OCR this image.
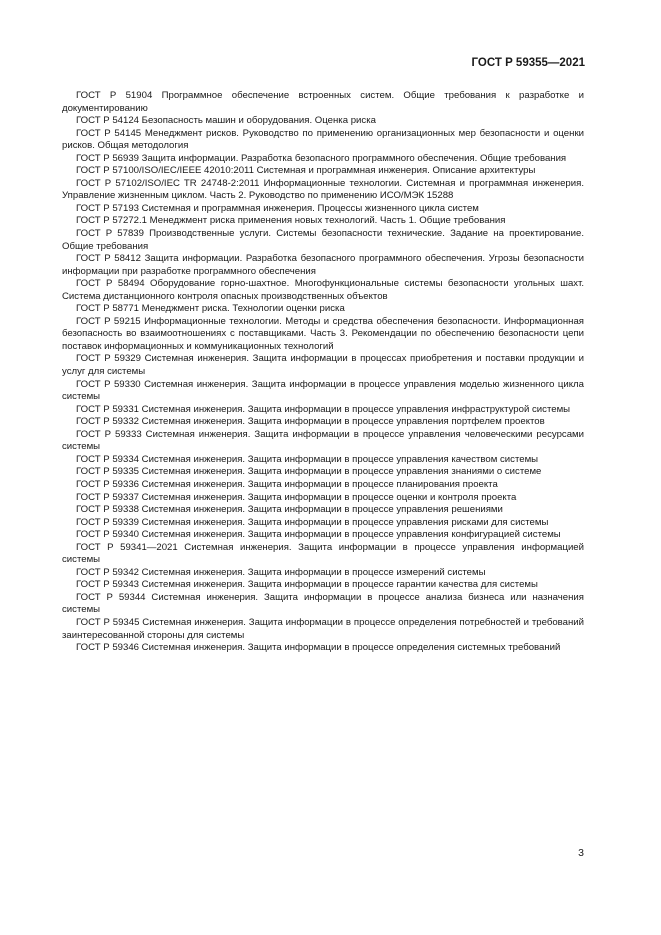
ГОСТ Р 59355—2021

ГОСТ Р 51904 Программное обеспечение встроенных систем. Общие требования к разработке и документированию

ГОСТ Р 54124 Безопасность машин и оборудования. Оценка риска

ГОСТ Р 54145 Менеджмент рисков. Руководство по применению организационных мер безопасности и оценки рисков. Общая методология

ГОСТ Р 56939 Защита информации. Разработка безопасного программного обеспечения. Общие требования

ГОСТ Р 57100/ISO/IEC/IEEE 42010:2011 Системная и программная инженерия. Описание архитектуры

ГОСТ Р 57102/ISO/IEC TR 24748-2:2011 Информационные технологии. Системная и программная инженерия. Управление жизненным циклом. Часть 2. Руководство по применению ИСО/МЭК 15288

ГОСТ Р 57193 Системная и программная инженерия. Процессы жизненного цикла систем

ГОСТ Р 57272.1 Менеджмент риска применения новых технологий. Часть 1. Общие требования

ГОСТ Р 57839 Производственные услуги. Системы безопасности технические. Задание на проектирование. Общие требования

ГОСТ Р 58412 Защита информации. Разработка безопасного программного обеспечения. Угрозы безопасности информации при разработке программного обеспечения

ГОСТ Р 58494 Оборудование горно-шахтное. Многофункциональные системы безопасности угольных шахт. Система дистанционного контроля опасных производственных объектов

ГОСТ Р 58771 Менеджмент риска. Технологии оценки риска

ГОСТ Р 59215 Информационные технологии. Методы и средства обеспечения безопасности. Информационная безопасность во взаимоотношениях с поставщиками. Часть 3. Рекомендации по обеспечению безопасности цепи поставок информационных и коммуникационных технологий

ГОСТ Р 59329 Системная инженерия. Защита информации в процессах приобретения и поставки продукции и услуг для системы

ГОСТ Р 59330 Системная инженерия. Защита информации в процессе управления моделью жизненного цикла системы

ГОСТ Р 59331 Системная инженерия. Защита информации в процессе управления инфраструктурой системы

ГОСТ Р 59332 Системная инженерия. Защита информации в процессе управления портфелем проектов

ГОСТ Р 59333 Системная инженерия. Защита информации в процессе управления человеческими ресурсами системы

ГОСТ Р 59334 Системная инженерия. Защита информации в процессе управления качеством системы

ГОСТ Р 59335 Системная инженерия. Защита информации в процессе управления знаниями о системе

ГОСТ Р 59336 Системная инженерия. Защита информации в процессе планирования проекта

ГОСТ Р 59337 Системная инженерия. Защита информации в процессе оценки и контроля проекта

ГОСТ Р 59338 Системная инженерия. Защита информации в процессе управления решениями

ГОСТ Р 59339 Системная инженерия. Защита информации в процессе управления рисками для системы

ГОСТ Р 59340 Системная инженерия. Защита информации в процессе управления конфигурацией системы

ГОСТ Р 59341—2021 Системная инженерия. Защита информации в процессе управления информацией системы

ГОСТ Р 59342 Системная инженерия. Защита информации в процессе измерений системы

ГОСТ Р 59343 Системная инженерия. Защита информации в процессе гарантии качества для системы

ГОСТ Р 59344 Системная инженерия. Защита информации в процессе анализа бизнеса или назначения системы

ГОСТ Р 59345 Системная инженерия. Защита информации в процессе определения потребностей и требований заинтересованной стороны для системы

ГОСТ Р 59346 Системная инженерия. Защита информации в процессе определения системных требований

3
